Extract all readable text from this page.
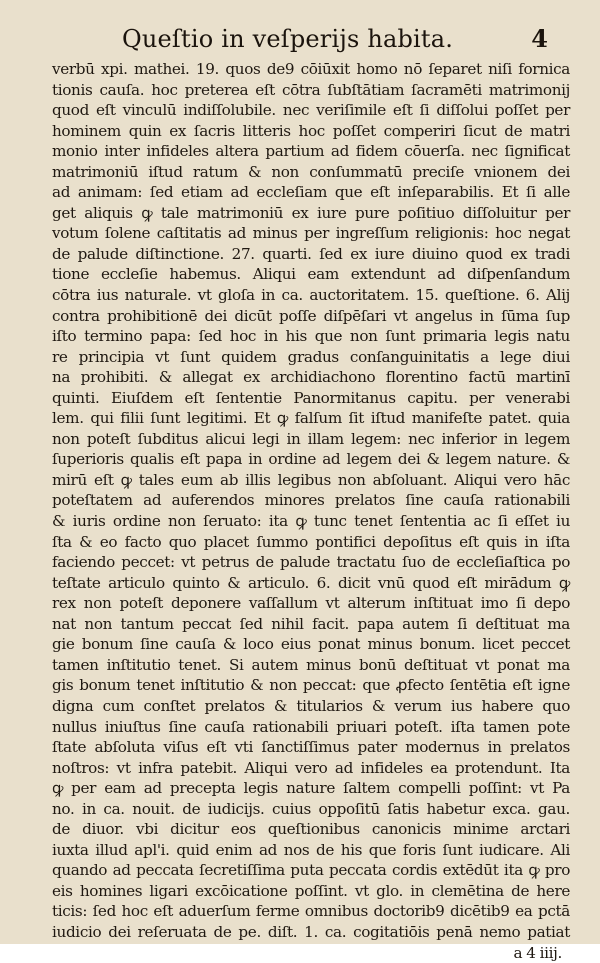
Queſtio in veſperijs habita.	4
verbū xpi. mathei. 19. quos de9 cōiūxit homo nō ſeparet niſi fornica
tionis cauſa. hoc preterea eſt cōtra ſubſtātiam ſacramēti matrimonij
quod eſt vinculū indiſſolubile. nec veriſimile eſt ſi diſſolui poſſet per
hominem quin ex ſacris litteris hoc poſſet comperiri ſicut de matri
monio inter infideles altera partium ad fidem cōuerſa. nec ſignificat
matrimoniū iſtud ratum & non conſummatū preciſe vnionem dei
ad animam: ſed etiam ad eccleſiam que eſt inſeparabilis. Et ſi alle
get aliquis ꝙ tale matrimoniū ex iure pure poſitiuo diſſoluitur per
votum ſolene caſtitatis ad minus per ingreſſum religionis: hoc negat
de palude diſtinctione. 27. quarti. ſed ex iure diuino quod ex tradi
tione eccleſie habemus. Aliqui eam extendunt ad diſpenſandum
cōtra ius naturale. vt gloſa in ca. auctoritatem. 15. queſtione. 6. Alij
contra prohibitionē dei dicūt poſſe diſpēſari vt angelus in ſūma ſup
iſto termino papa: ſed hoc in his que non ſunt primaria legis natu
re principia vt ſunt quidem gradus conſanguinitatis a lege diui
na prohibiti. & allegat ex archidiachono florentino factū martinī
quinti. Eiuſdem eſt ſententie Panormitanus capitu. per venerabi
lem. qui filii ſunt legitimi. Et ꝙ falſum ſit iſtud manifeſte patet. quia
non poteſt ſubditus alicui legi in illam legem: nec inferior in legem
ſuperioris qualis eſt papa in ordine ad legem dei & legem nature. &
mirū eſt ꝙ tales eum ab illis legibus non abſoluant. Aliqui vero hāc
poteſtatem ad auferendos minores prelatos ſine cauſa rationabili
& iuris ordine non ſeruato: ita ꝙ tunc tenet ſententia ac ſi eſſet iu
ſta & eo facto quo placet ſummo pontifici depoſitus eſt quis in iſta
faciendo peccet: vt petrus de palude tractatu ſuo de eccleſiaſtica po
teſtate articulo quinto & articulo. 6. dicit vnū quod eſt mirādum ꝙ
rex non poteſt deponere vaſſallum vt alterum inſtituat imo ſi depo
nat non tantum peccat ſed nihil facit. papa autem ſi deſtituat ma
gie bonum ſine cauſa & loco eius ponat minus bonum. licet peccet
tamen inſtitutio tenet. Si autem minus bonū deſtituat vt ponat ma
gis bonum tenet inſtitutio & non peccat: que ꝓfecto ſentētia eſt igne
digna cum conſtet prelatos & titularios & verum ius habere quo
nullus iniuſtus ſine cauſa rationabili priuari poteſt. iſta tamen pote
ſtate abſoluta viſus eſt vti ſanctiſſimus pater modernus in prelatos
noſtros: vt infra patebit. Aliqui vero ad infideles ea protendunt. Ita
ꝙ per eam ad precepta legis nature ſaltem compelli poſſint: vt Pa
no. in ca. nouit. de iudicijs. cuius oppoſitū ſatis habetur exca. gau.
de diuor. vbi dicitur eos queſtionibus canonicis minime arctari
iuxta illud apl'i. quid enim ad nos de his que foris ſunt iudicare. Ali
quando ad peccata ſecretiſſima puta peccata cordis extēdūt ita ꝙ pro
eis homines ligari excōicatione poſſint. vt glo. in clemētina de here
ticis: ſed hoc eſt aduerſum ferme omnibus doctorib9 dicētib9 ea pctā
iudicio dei reſeruata de pe. diſt. 1. ca. cogitatiōis penā nemo patiat
a 4 iiij.
